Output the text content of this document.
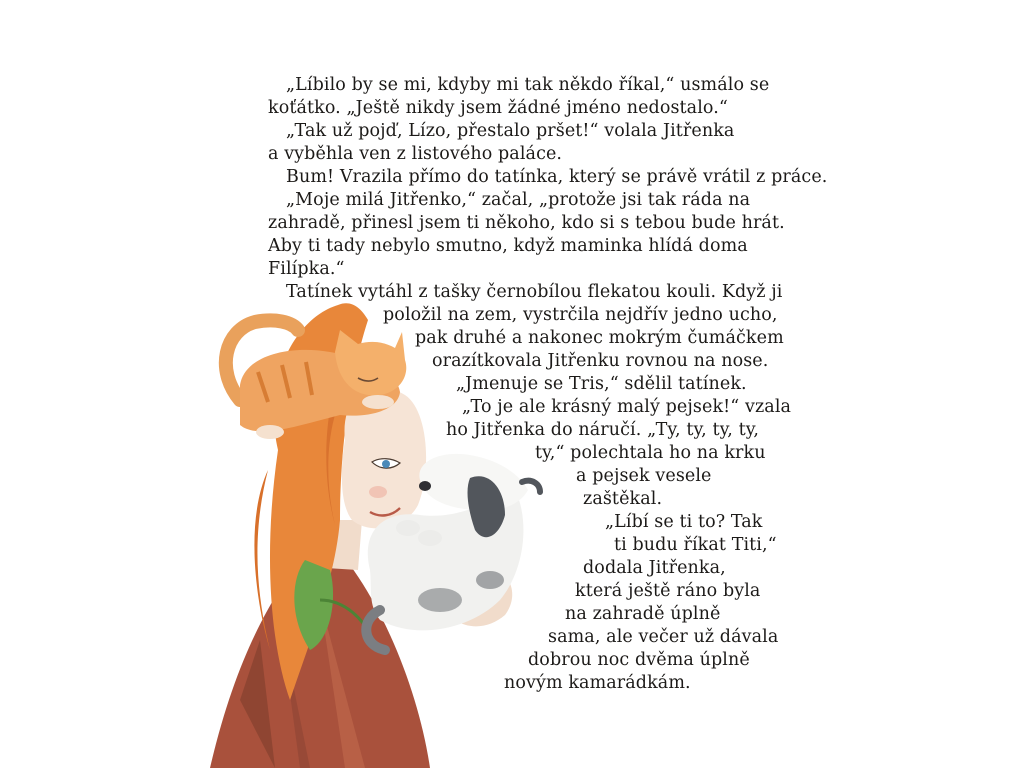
„Líbilo by se mi, kdyby mi tak někdo říkal,“ usmálo se
koťátko. „Ještě nikdy jsem žádné jméno nedostalo.“
„Tak už pojď, Lízo, přestalo pršet!“ volala Jitřenka
a vyběhla ven z listového paláce.
Bum! Vrazila přímo do tatínka, který se právě vrátil z práce.
„Moje milá Jitřenko,“ začal, „protože jsi tak ráda na
zahradě, přinesl jsem ti někoho, kdo si s tebou bude hrát.
Aby ti tady nebylo smutno, když maminka hlídá doma
Filípka.“
Tatínek vytáhl z tašky černobílou flekatou kouli. Když ji
položil na zem, vystrčila nejdřív jedno ucho,
pak druhé a nakonec mokrým čumáčkem
orazítkovala Jitřenku rovnou na nose.
„Jmenuje se Tris,“ sdělil tatínek.
„To je ale krásný malý pejsek!“ vzala
ho Jitřenka do náručí. „Ty, ty, ty, ty,
ty,“ polechtala ho na krku
a pejsek vesele
zaštěkal.
„Líbí se ti to? Tak
ti budu říkat Titi,“
dodala Jitřenka,
která ještě ráno byla
na zahradě úplně
sama, ale večer už dávala
dobrou noc dvěma úplně
novým kamarádkám.
